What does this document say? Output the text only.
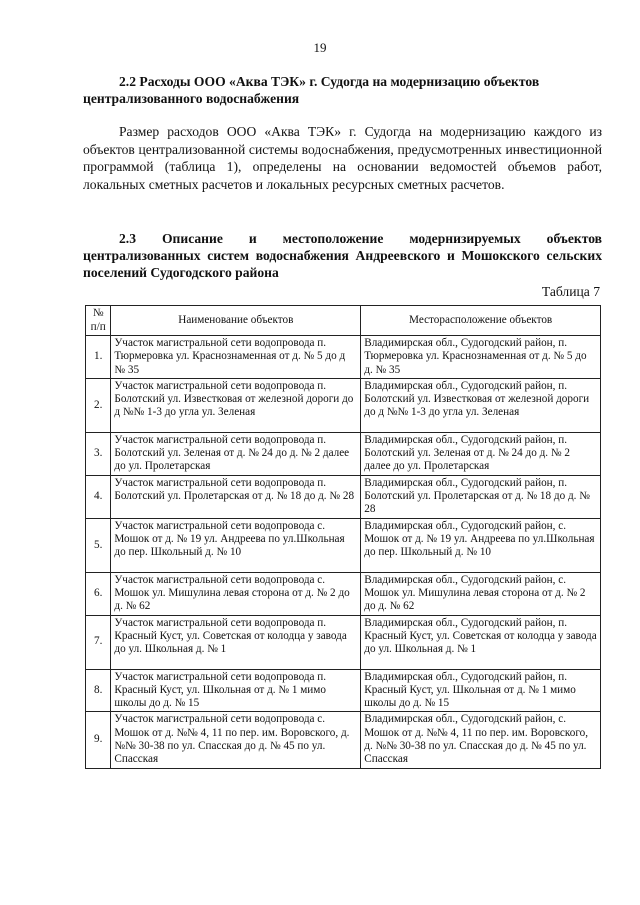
19
2.2 Расходы ООО «Аква ТЭК» г. Судогда на модернизацию объектов централизованного водоснабжения
Размер расходов ООО «Аква ТЭК» г. Судогда на модернизацию каждого из объектов централизованной системы водоснабжения, предусмотренных инвестиционной программой (таблица 1), определены на основании ведомостей объемов работ, локальных сметных расчетов и локальных ресурсных сметных расчетов.
2.3 Описание и местоположение модернизируемых объектов централизованных систем водоснабжения Андреевского и Мошокского сельских поселений Судогодского района
Таблица 7
№ п/п	Наименование объектов	Месторасположение объектов
1.	Участок магистральной сети водопровода п. Тюрмеровка ул. Краснознаменная от д. № 5 до д № 35	Владимирская обл., Судогодский район, п. Тюрмеровка ул. Краснознаменная от д. № 5 до д. № 35
2.	Участок магистральной сети водопровода п. Болотский ул. Известковая от железной дороги до д №№ 1-3 до угла ул. Зеленая	Владимирская обл., Судогодский район, п. Болотский ул. Известковая от железной дороги до д №№ 1-3 до угла ул. Зеленая
3.	Участок магистральной сети водопровода п. Болотский ул. Зеленая от д. № 24 до д. № 2 далее до ул. Пролетарская	Владимирская обл., Судогодский район, п. Болотский ул. Зеленая от д. № 24 до д. № 2 далее до ул. Пролетарская
4.	Участок магистральной сети водопровода п. Болотский ул. Пролетарская от д. № 18 до д. № 28	Владимирская обл., Судогодский район, п. Болотский ул. Пролетарская от д. № 18 до д. № 28
5.	Участок магистральной сети водопровода с. Мошок от д. № 19 ул. Андреева по ул.Школьная до пер. Школьный д. № 10	Владимирская обл., Судогодский район, с. Мошок от д. № 19 ул. Андреева по ул.Школьная до пер. Школьный д. № 10
6.	Участок магистральной сети водопровода с. Мошок ул. Мишулина левая сторона от д. № 2 до д. № 62	Владимирская обл., Судогодский район, с. Мошок ул. Мишулина левая сторона от д. № 2 до д. № 62
7.	Участок магистральной сети водопровода п. Красный Куст, ул. Советская от колодца у завода до ул. Школьная д. № 1	Владимирская обл., Судогодский район, п. Красный Куст, ул. Советская от колодца у завода до ул. Школьная д. № 1
8.	Участок магистральной сети водопровода п. Красный Куст, ул. Школьная от д. № 1 мимо школы до д. № 15	Владимирская обл., Судогодский район, п. Красный Куст, ул. Школьная от д. № 1 мимо школы до д. № 15
9.	Участок магистральной сети водопровода с. Мошок от д. №№ 4, 11 по пер. им. Воровского, д. №№ 30-38 по ул. Спасская до д. № 45 по ул. Спасская	Владимирская обл., Судогодский район, с. Мошок от д. №№ 4, 11 по пер. им. Воровского, д. №№ 30-38 по ул. Спасская до д. № 45 по ул. Спасская
